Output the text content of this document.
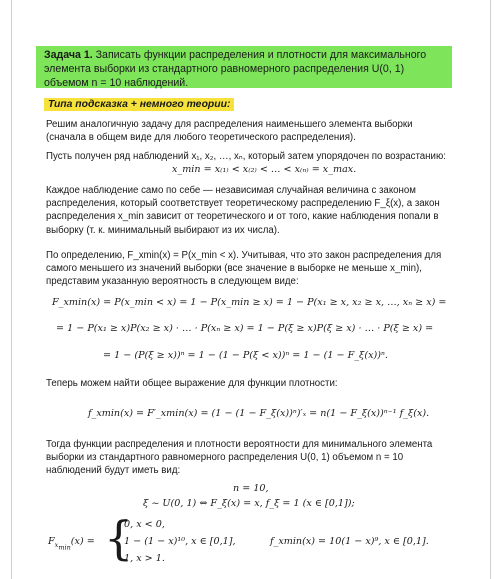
Задача 1. Записать функции распределения и плотности для максимального элемента выборки из стандартного равномерного распределения U(0, 1) объемом n = 10 наблюдений.
Типа подсказка + немного теории:

Решим аналогичную задачу для распределения наименьшего элемента выборки (сначала в общем виде для любого теоретического распределения).

Пусть получен ряд наблюдений x₁, x₂, …, xₙ, который затем упорядочен по возрастанию:

x_min = x₍₁₎ < x₍₂₎ < … < x₍ₙ₎ = x_max.

Каждое наблюдение само по себе — независимая случайная величина с законом распределения, который соответствует теоретическому распределению F_ξ(x), а закон распределения x_min зависит от теоретического и от того, какие наблюдения попали в выборку (т. к. минимальный выбирают из их числа).

По определению, F_xmin(x) = P(x_min < x). Учитывая, что это закон распределения для самого меньшего из значений выборки (все значение в выборке не меньше x_min), представим указанную вероятность в следующем виде:

F_xmin(x) = P(x_min < x) = 1 − P(x_min ≥ x) = 1 − P(x₁ ≥ x, x₂ ≥ x, …, xₙ ≥ x) =
= 1 − P(x₁ ≥ x)P(x₂ ≥ x) · … · P(xₙ ≥ x) = 1 − P(ξ ≥ x)P(ξ ≥ x) · … · P(ξ ≥ x) =
= 1 − (P(ξ ≥ x))ⁿ = 1 − (1 − P(ξ < x))ⁿ = 1 − (1 − F_ξ(x))ⁿ.

Теперь можем найти общее выражение для функции плотности:

f_xmin(x) = F′_xmin(x) = (1 − (1 − F_ξ(x))ⁿ)′ₓ = n(1 − F_ξ(x))ⁿ⁻¹ f_ξ(x).

Тогда функции распределения и плотности вероятности для минимального элемента выборки из стандартного равномерного распределения U(0, 1) объемом n = 10 наблюдений будут иметь вид:

n = 10,
ξ ~ U(0, 1) ⇔ F_ξ(x) = x, f_ξ = 1 (x ∈ [0,1]);
$F_{x_{min}}(x)$ = {
0, x < 0,
1 − (1 − x)¹⁰, x ∈ [0,1],
1, x > 1.
f_xmin(x) = 10(1 − x)⁹, x ∈ [0,1].
